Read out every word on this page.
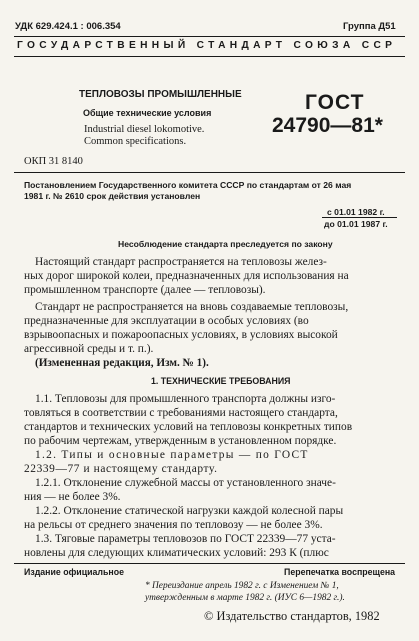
УДК 629.424.1 : 006.354	Группа Д51
ГОСУДАРСТВЕННЫЙ СТАНДАРТ СОЮЗА ССР
ТЕПЛОВОЗЫ ПРОМЫШЛЕННЫЕ
Общие технические условия
Industrial diesel lokomotive.
Common specifications.
ГОСТ
24790—81*
ОКП 31 8140
Постановлением Государственного комитета СССР по стандартам от 26 мая
1981 г. № 2610 срок действия установлен
с 01.01 1982 г.
до 01.01 1987 г.
Несоблюдение стандарта преследуется по закону
Настоящий стандарт распространяется на тепловозы желез-
ных дорог широкой колеи, предназначенных для использования на
промышленном транспорте (далее — тепловозы).
Стандарт не распространяется на вновь создаваемые тепловозы,
предназначенные для эксплуатации в особых условиях (во
взрывоопасных и пожароопасных условиях, в условиях высокой
агрессивной среды и т. п.).
(Измененная редакция, Изм. № 1).
1. ТЕХНИЧЕСКИЕ ТРЕБОВАНИЯ
1.1. Тепловозы для промышленного транспорта должны изго-
товляться в соответствии с требованиями настоящего стандарта,
стандартов и технических условий на тепловозы конкретных типов
по рабочим чертежам, утвержденным в установленном порядке.
1.2. Типы и основные параметры — по ГОСТ
22339—77 и настоящему стандарту.
1.2.1. Отклонение служебной массы от установленного значе-
ния — не более 3%.
1.2.2. Отклонение статической нагрузки каждой колесной пары
на рельсы от среднего значения по тепловозу — не более 3%.
1.3. Тяговые параметры тепловозов по ГОСТ 22339—77 уста-
новлены для следующих климатических условий: 293 К (плюс
Издание официальное	Перепечатка воспрещена
* Переиздание апрель 1982 г. с Изменением № 1,
утвержденным в марте 1982 г. (ИУС 6—1982 г.).
© Издательство стандартов, 1982
